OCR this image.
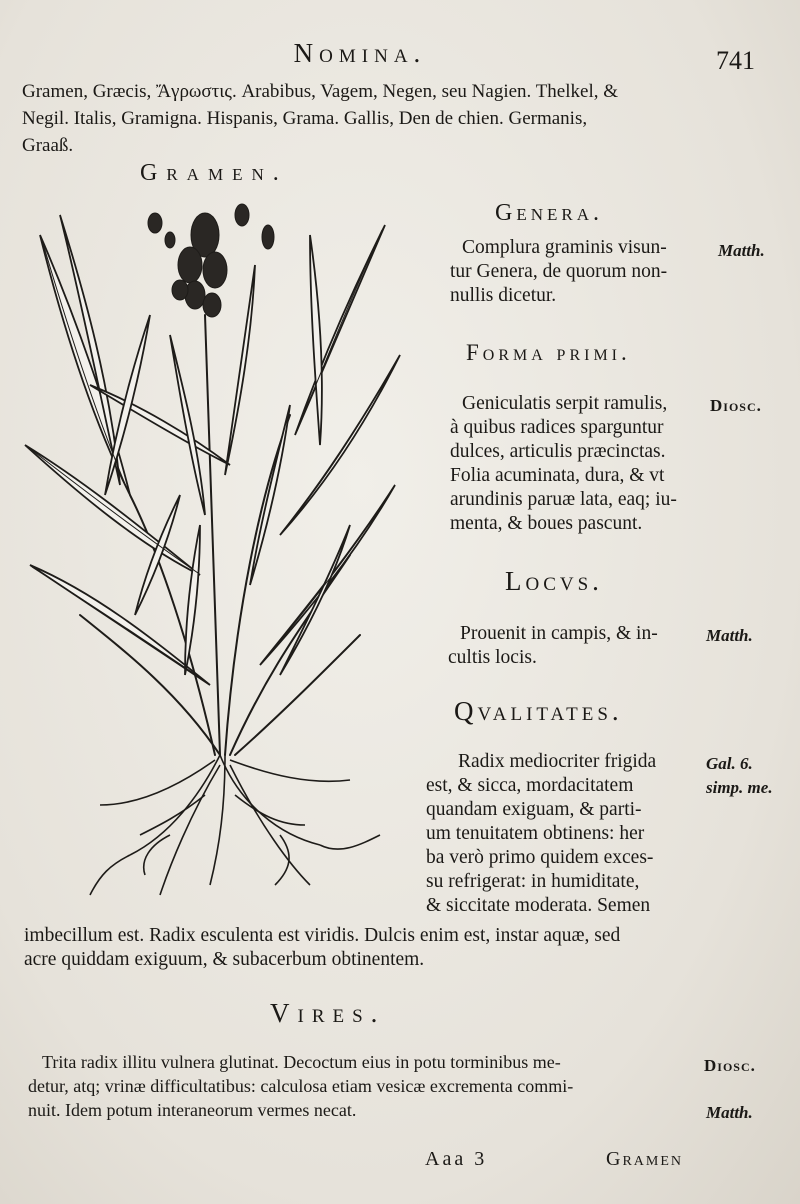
Nomina.	741
Gramen, Græcis, Ἄγρωστις. Arabibus, Vagem, Negen, seu Nagien. Thelkel, &
Negil. Italis, Gramigna. Hispanis, Grama. Gallis, Den de chien. Germanis,
Graaß.
Gramen.
Genera.
Complura graminis visun-
tur Genera, de quorum non-
nullis dicetur.
Matth.
Forma primi.
Geniculatis serpit ramulis,
à quibus radices sparguntur
dulces, articulis præcinctas.
Folia acuminata, dura, & vt
arundinis paruæ lata, eaq; iu-
menta, & boues pascunt.
Diosc.
Locvs.
Prouenit in campis, & in-
cultis locis.
Matth.
Qvalitates.
Radix mediocriter frigida
est, & sicca, mordacitatem
quandam exiguam, & parti-
um tenuitatem obtinens: her
ba verò primo quidem exces-
su refrigerat: in humiditate,
& siccitate moderata. Semen
Gal. 6.
simp. me.
imbecillum est. Radix esculenta est viridis. Dulcis enim est, instar aquæ, sed
acre quiddam exiguum, & subacerbum obtinentem.
Vires.
Trita radix illitu vulnera glutinat. Decoctum eius in potu torminibus me-
detur, atq; vrinæ difficultatibus: calculosa etiam vesicæ excrementa commi-
nuit. Idem potum interaneorum vermes necat.
Diosc.
Matth.
Aaa 3	Gramen
